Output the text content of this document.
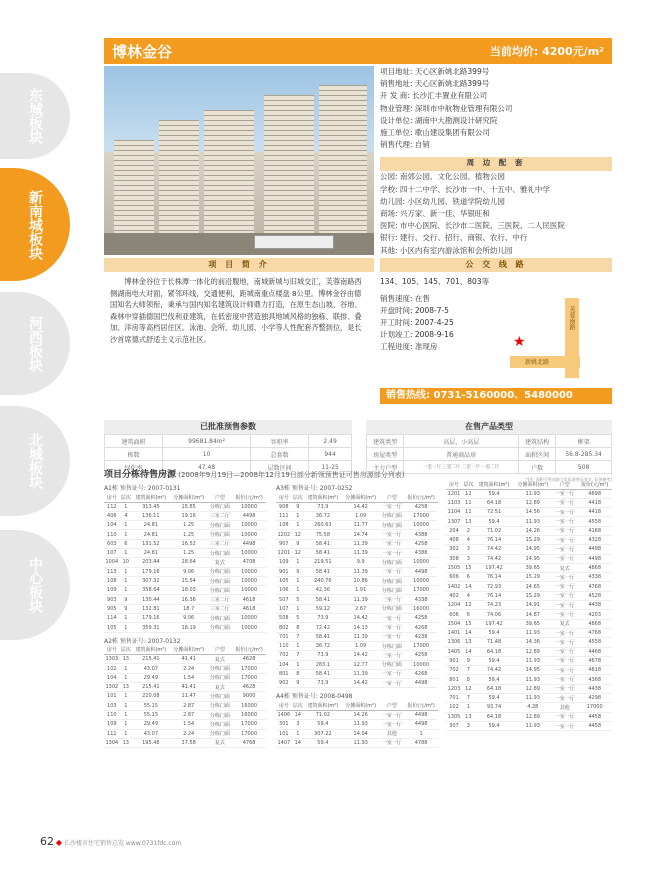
东城板块
新南城板块
河西板块
北城板块
中心板块
博林金谷	当前均价: 4200元/m²
项目地址: 天心区新姚北路399号
销售地址: 天心区新姚北路399号
开 发 商: 长沙汇丰置业有限公司
物业管理: 深圳市中航物业管理有限公司
设计单位: 湖南中大勘测设计研究院
施工单位: 歌山建设集团有限公司
销售代理: 自销
周 边 配 套
公园: 南郊公园、文化公园、植物公园
学校: 四十二中学、长沙市一中、十五中、雅礼中学
幼儿园: 小区幼儿园、铁道学院幼儿园
商场: 兴万家、新一佳、华银旺和
医院: 市中心医院、长沙市二医院、三医院、二人民医院
银行: 建行、交行、招行、商银、农行、中行
其他: 小区内有室内游泳馆和会所幼儿园
项 目 简 介

博林金谷位于长株潭一体化的前沿腹地，南城新城与旧城交汇，芙蓉南路西侧湖南电大对面，紧邻环线，交通便利，距城南重点楼盘 8公里。博林金谷由德国知名大师领衔，秉承与国内知名建筑设计师鼎力打造，在原生态山坡、谷地、森林中穿插德国巴伐利亚建筑，在低密度中营造独具地域风格的独栋、联排、叠加、洋房等高档居住区。泳池、会所、幼儿园、小学等人性配套齐整到位，是长沙首席德式舒适主义示范社区。

公 交 线 路
134、105、145、701、803等
销售速度: 在售
开盘时间: 2008-7-5
开工时间: 2007-4-25
计划竣工: 2008-9-16
工程进度: 准现房
新姚北路
芙蓉南路
★
销售热线: 0731-5160000、5480000
已批准预售参数
建筑面积	99681.84m²	容积率	2.49
栋数	10	总套数	944
绿化率	47.48	层数区间	11-25
在售产品类型
建筑类型	高层、小高层	建筑结构	框架
房屋类型	普通商品房	面积区间	56.8-285.34
主力户型	一室一厅 三室二厅 二室一厅 一室二厅	户数	508
*(注: 面积可售房源与实际准售证有关, 仅供参考)
项目分栋待售房源 (2008年9月19日—2008年12月19日部分新领预售证可售房源部分列表)
A1栋 预售证号: 2007-0131
房号	层次	建筑面积(m²)	分摊面积(m²)	户型	报价(元/m²)
112	1	313.45	15.85	分栋门面	10000
406	4	136.11	19.16	三室二厅	4498
104	1	24.81	1.25	分栋门面	10000
110	1	24.81	1.25	分栋门面	10000
603	6	131.52	16.52	三室二厅	4498
107	1	24.81	1.25	分栋门面	10000
1004	10	203.44	28.64	复式	4708
113	1	179.16	9.06	分栋门面	10000
108	1	307.32	15.54	分栋门面	10000
109	1	358.64	18.03	分栋门面	10000
903	9	130.44	16.36	三室二厅	4618
905	9	132.81	18.7	三室二厅	4618
114	1	179.16	9.06	分栋门面	10000
105	1	359.31	18.19	分栋门面	10000
A2栋 预售证号: 2007-0132
房号	层次	建筑面积(m²)	分摊面积(m²)	户型	报价(元/m²)
1303	13	215.41	41.41	复式	4628
102	1	43.07	2.24	分栋门面	17000
104	1	29.49	1.54	分栋门面	17000
1302	13	215.41	41.41	复式	4628
101	1	220.08	11.47	分栋门面	9000
103	1	55.15	2.87	分栋门面	16000
110	1	55.15	2.87	分栋门面	16000
109	1	29.49	1.54	分栋门面	17000
111	1	43.07	2.24	分栋门面	17000
1304	13	195.48	37.58	复式	4768
A3栋 预售证号: 2007-0252
房号	层次	建筑面积(m²)	分摊面积(m²)	户型	报价(元/m²)
908	9	73.9	14.42	一室一厅	4258
111	1	36.72	1.09	分栋门面	17000
108	1	260.63	11.77	分栋门面	10000
1202	12	75.58	14.74	一室一厅	4388
907	9	58.41	11.39	一室一厅	4258
1201	12	58.41	11.39	一室一厅	4388
109	1	219.51	9.9	分栋门面	10000
901	9	58.41	11.39	一室一厅	4498
105	1	240.76	10.86	分栋门面	10000
106	1	42.36	1.91	分栋门面	17000
507	5	58.41	11.39	一室一厅	4338
107	1	59.12	2.67	分栋门面	16000
508	5	73.9	14.42	一室一厅	4258
802	8	72.42	14.13	一室一厅	4268
701	7	58.41	11.39	一室一厅	4238
110	1	36.72	1.09	分栋门面	17000
702	7	73.9	14.42	一室一厅	4258
104	1	283.1	12.77	分栋门面	10000
801	8	58.41	11.39	一室一厅	4268
902	9	73.9	14.42	一室一厅	4498
A4栋 预售证号: 2008-0498
房号	层次	建筑面积(m²)	分摊面积(m²)	户型	报价(元/m²)
1406	14	71.02	14.26	一室一厅	4498
301	3	59.4	11.93	一室一厅	4498
101	1	307.22	14.04	其他	1
1407	14	59.4	11.93	一室一厅	4788
房号	层次	建筑面积(m²)	分摊面积(m²)	户型	报价(元/m²)
1201	12	59.4	11.93	一室一厅	4698
1103	11	64.18	12.89	一室一厅	4418
1104	11	72.51	14.56	一室一厅	4418
1307	13	59.4	11.93	一室一厅	4558
204	2	71.02	14.26	一室一厅	4168
408	4	76.14	15.29	一室一厅	4328
302	3	74.42	14.95	一室一厅	4498
308	3	74.42	14.95	一室一厅	4498
1505	15	197.42	39.65	复式	4868
606	6	76.14	15.29	一室一厅	4338
1402	14	72.93	14.65	一室一厅	4768
402	4	76.14	15.29	一室一厅	4528
1204	12	74.23	14.91	一室一厅	4438
606	6	74.06	14.87	一室一厅	4203
1504	15	197.42	39.65	复式	4868
1401	14	59.4	11.93	一室一厅	4768
1306	13	71.48	14.36	一室一厅	4558
1405	14	64.18	12.89	一室一厅	4468
901	9	59.4	11.93	一室一厅	4678
702	7	74.42	14.95	一室一厅	4618
801	8	59.4	11.93	一室一厅	4368
1203	12	64.18	12.89	一室一厅	4438
701	7	59.4	11.93	一室一厅	4298
102	1	93.74	4.28	其他	17000
1305	13	64.18	12.89	一室一厅	4458
307	3	59.4	11.93	一室一厅	4458
62 ◆ 长沙楼市住宅销售总览 www.0731fdc.com
